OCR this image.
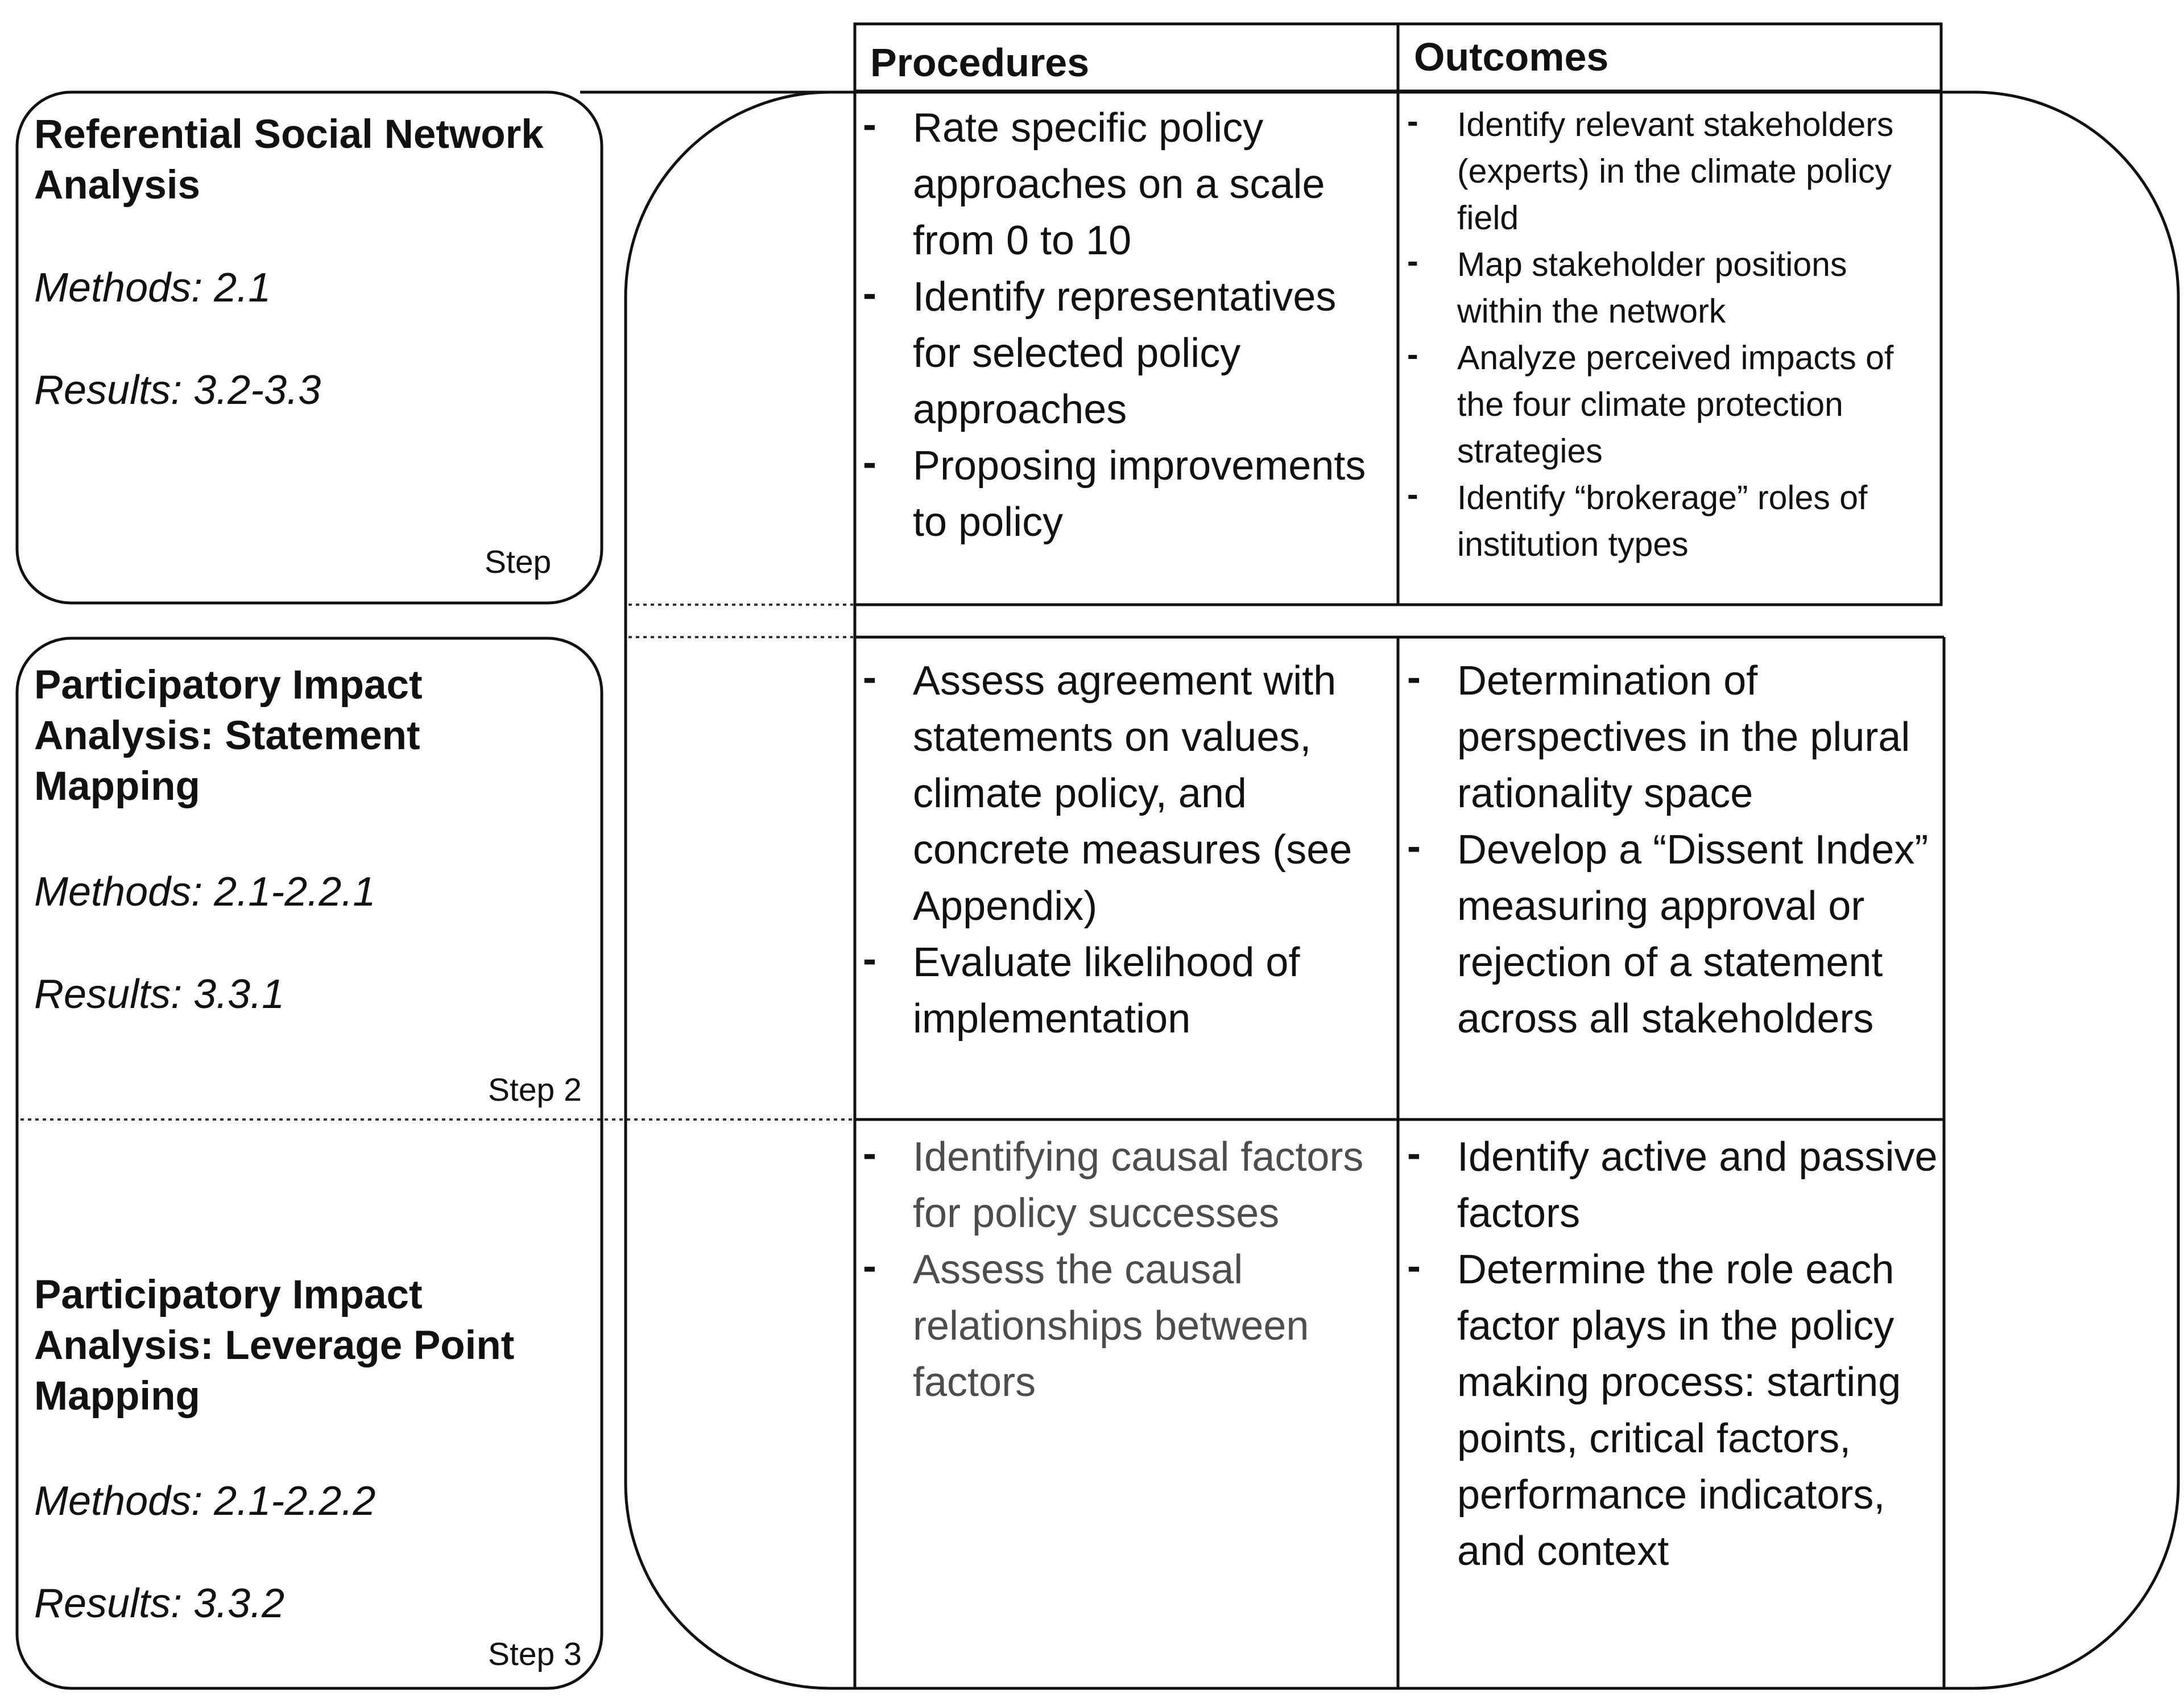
Procedures	Outcomes

Referential Social Network Analysis

Methods: 2.1
Results: 3.2-3.3
Step

Participatory Impact Analysis: Statement Mapping

Methods: 2.1-2.2.1
Results: 3.3.1
Step 2

Participatory Impact Analysis: Leverage Point Mapping

Methods: 2.1-2.2.2
Results: 3.3.2
Step 3
- Rate specific policy approaches on a scale from 0 to 10
- Identify representatives for selected policy approaches
- Proposing improvements to policy
- Identify relevant stakeholders (experts) in the climate policy field
- Map stakeholder positions within the network
- Analyze perceived impacts of the four climate protection strategies
- Identify “brokerage” roles of institution types
- Assess agreement with statements on values, climate policy, and concrete measures (see Appendix)
- Evaluate likelihood of implementation
- Determination of perspectives in the plural rationality space
- Develop a “Dissent Index” measuring approval or rejection of a statement across all stakeholders
- Identifying causal factors for policy successes
- Assess the causal relationships between factors
- Identify active and passive factors
- Determine the role each factor plays in the policy making process: starting points, critical factors, performance indicators, and context
